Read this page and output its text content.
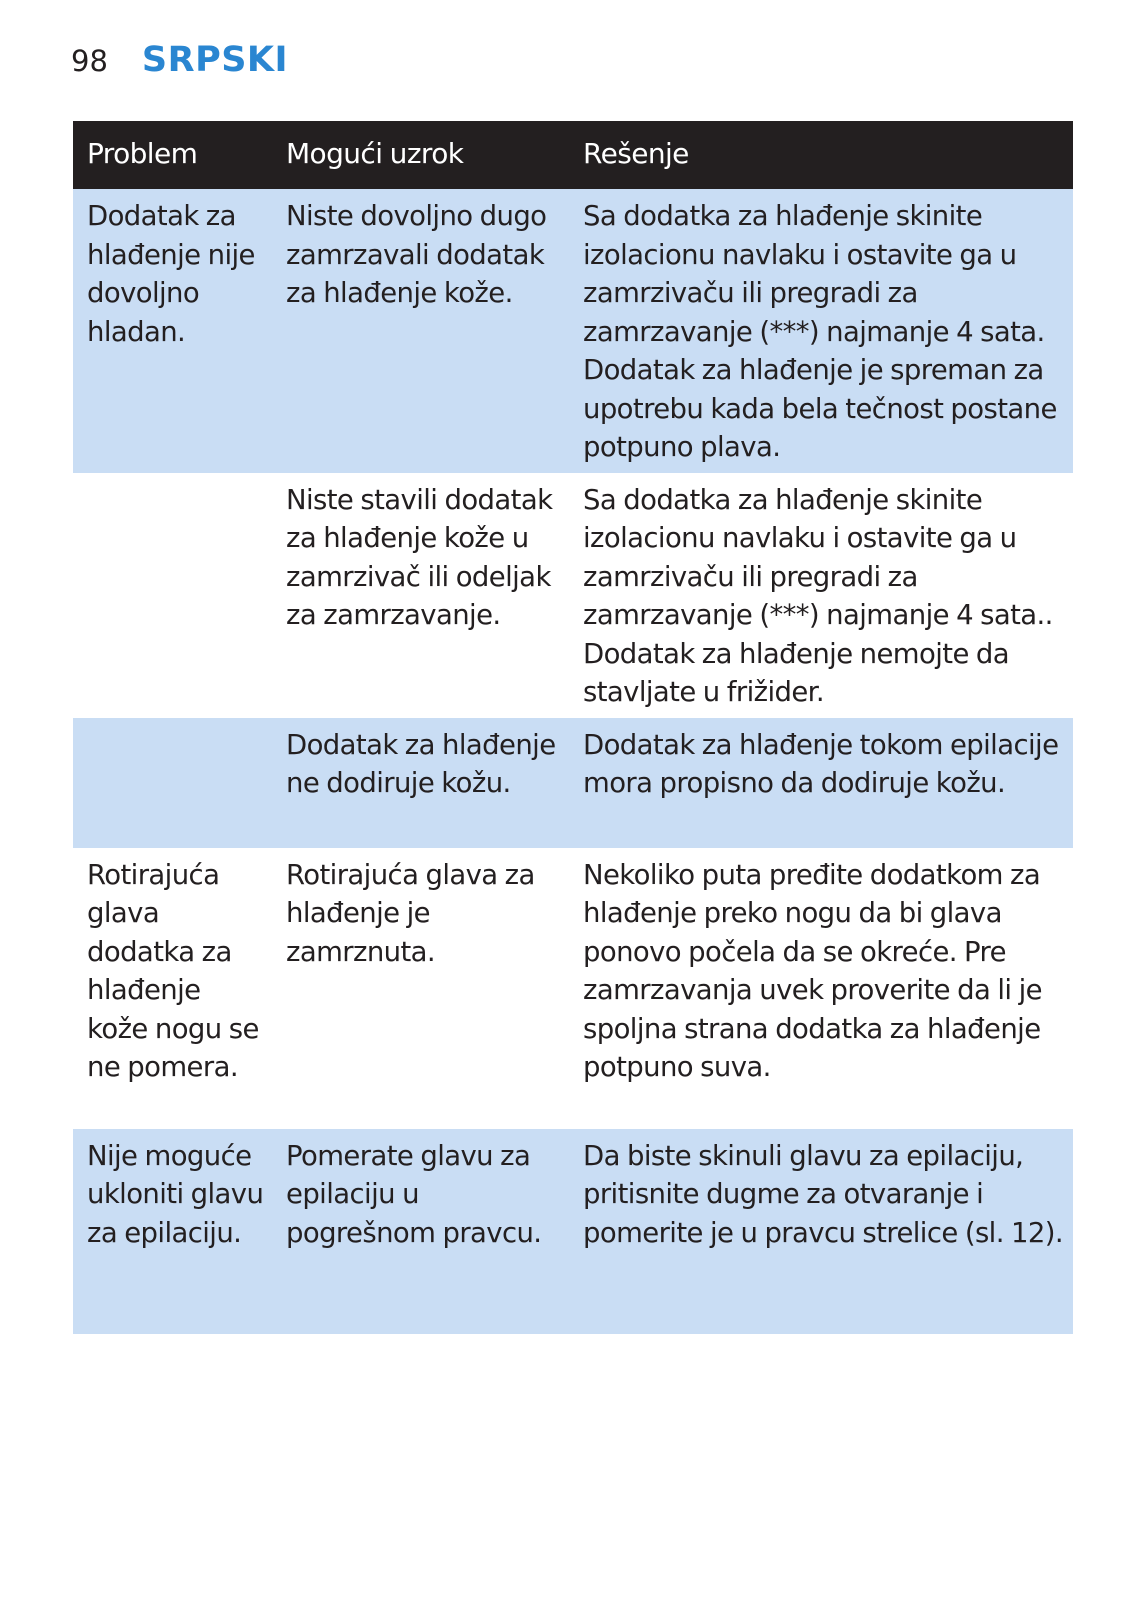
98 SRPSKI
Problem	Mogući uzrok	Rešenje
Dodatak za hlađenje nije dovoljno hladan.	Niste dovoljno dugo zamrzavali dodatak za hlađenje kože.	Sa dodatka za hlađenje skinite izolacionu navlaku i ostavite ga u zamrzivaču ili pregradi za zamrzavanje (***) najmanje 4 sata. Dodatak za hlađenje je spreman za upotrebu kada bela tečnost postane potpuno plava.
	Niste stavili dodatak za hlađenje kože u zamrzivač ili odeljak za zamrzavanje.	Sa dodatka za hlađenje skinite izolacionu navlaku i ostavite ga u zamrzivaču ili pregradi za zamrzavanje (***) najmanje 4 sata.. Dodatak za hlađenje nemojte da stavljate u frižider.
	Dodatak za hlađenje ne dodiruje kožu.	Dodatak za hlađenje tokom epilacije mora propisno da dodiruje kožu.
Rotirajuća glava dodatka za hlađenje kože nogu se ne pomera.	Rotirajuća glava za hlađenje je zamrznuta.	Nekoliko puta pređite dodatkom za hlađenje preko nogu da bi glava ponovo počela da se okreće. Pre zamrzavanja uvek proverite da li je spoljna strana dodatka za hlađenje potpuno suva.
Nije moguće ukloniti glavu za epilaciju.	Pomerate glavu za epilaciju u pogrešnom pravcu.	Da biste skinuli glavu za epilaciju, pritisnite dugme za otvaranje i pomerite je u pravcu strelice (sl. 12).
